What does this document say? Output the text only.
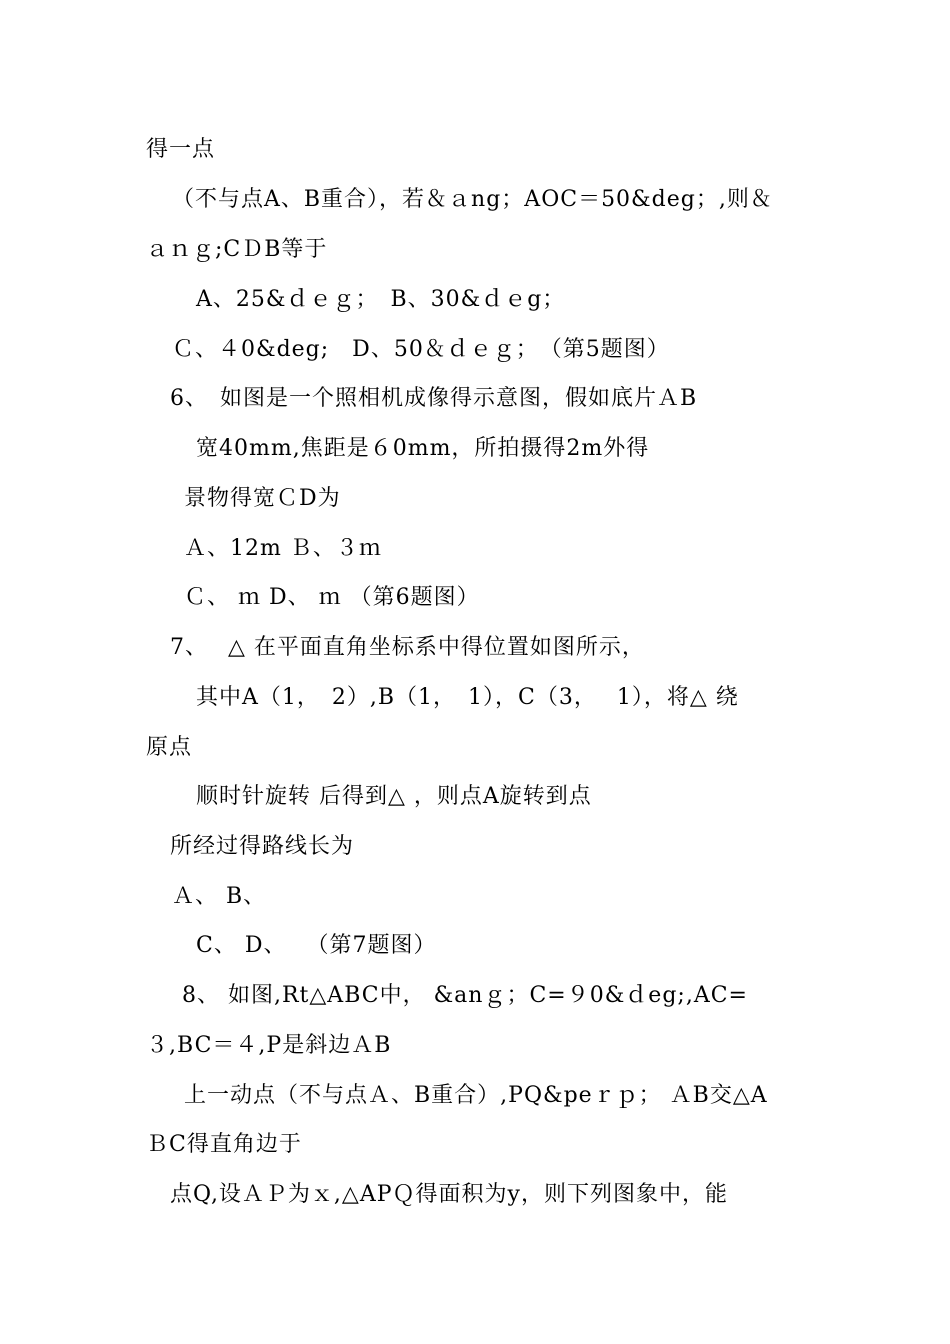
得一点
（不与点A、B重合），若＆ａng；AOC＝50&deg；,则＆
ａｎｇ;CＤB等于
A、25&ｄｅｇ；　B、30&ｄｅg；
Ｃ、４0&deg;　D、50＆ｄｅｇ；　（第5题图）
6、　如图是一个照相机成像得示意图，假如底片ＡB
宽40mm,焦距是６0mm，所拍摄得2m外得
景物得宽ＣD为
Ａ、12m Ｂ、３ｍ
Ｃ、 ｍ D、 ｍ （第6题图）
7、　 △ 在平面直角坐标系中得位置如图所示，
其中A（1，　2）,B（1，　1），C（3，　 1），将△ 绕
原点
顺时针旋转 后得到△ ，则点A旋转到点
所经过得路线长为
Ａ、 B、
C、 D、　 （第7题图）
8、 如图,Rt△ABC中， &anｇ；C=９0&ｄeg;,AC=
３,BC＝４,P是斜边ＡB
上一动点（不与点Ａ、B重合）,PQ&peｒｐ； ＡB交△A
ＢC得直角边于
点Q,设ＡＰ为ｘ,△APＱ得面积为y，则下列图象中，能
